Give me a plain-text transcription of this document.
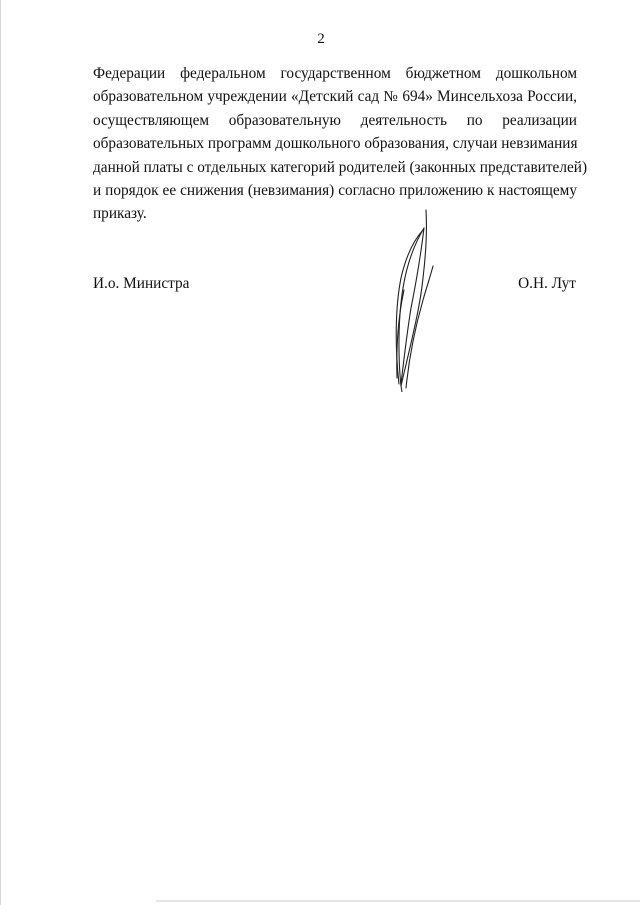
2
Федерации федеральном государственном бюджетном дошкольном
образовательном учреждении «Детский сад № 694» Минсельхоза России,
осуществляющем образовательную деятельность по реализации
образовательных программ дошкольного образования, случаи невзимания
данной платы с отдельных категорий родителей (законных представителей)
и порядок ее снижения (невзимания) согласно приложению к настоящему
приказу.
И.о. Министра	О.Н. Лут
